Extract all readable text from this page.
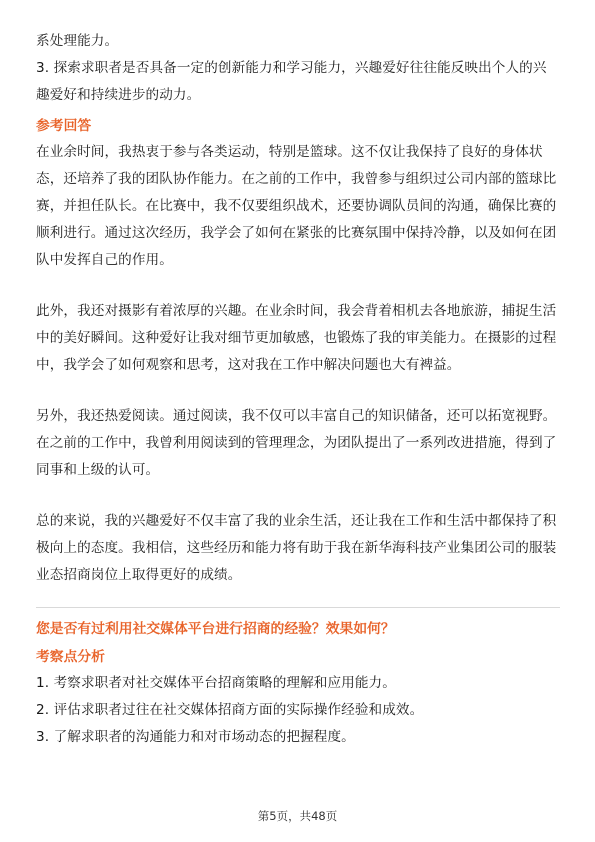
系处理能力。

3. 探索求职者是否具备一定的创新能力和学习能力，兴趣爱好往往能反映出个人的兴趣爱好和持续进步的动力。

参考回答

在业余时间，我热衷于参与各类运动，特别是篮球。这不仅让我保持了良好的身体状态，还培养了我的团队协作能力。在之前的工作中，我曾参与组织过公司内部的篮球比赛，并担任队长。在比赛中，我不仅要组织战术，还要协调队员间的沟通，确保比赛的顺利进行。通过这次经历，我学会了如何在紧张的比赛氛围中保持冷静，以及如何在团队中发挥自己的作用。

此外，我还对摄影有着浓厚的兴趣。在业余时间，我会背着相机去各地旅游，捕捉生活中的美好瞬间。这种爱好让我对细节更加敏感，也锻炼了我的审美能力。在摄影的过程中，我学会了如何观察和思考，这对我在工作中解决问题也大有裨益。

另外，我还热爱阅读。通过阅读，我不仅可以丰富自己的知识储备，还可以拓宽视野。在之前的工作中，我曾利用阅读到的管理理念，为团队提出了一系列改进措施，得到了同事和上级的认可。

总的来说，我的兴趣爱好不仅丰富了我的业余生活，还让我在工作和生活中都保持了积极向上的态度。我相信，这些经历和能力将有助于我在新华海科技产业集团公司的服装业态招商岗位上取得更好的成绩。

您是否有过利用社交媒体平台进行招商的经验？效果如何？
考察点分析

1. 考察求职者对社交媒体平台招商策略的理解和应用能力。

2. 评估求职者过往在社交媒体招商方面的实际操作经验和成效。

3. 了解求职者的沟通能力和对市场动态的把握程度。

第5页，共48页
